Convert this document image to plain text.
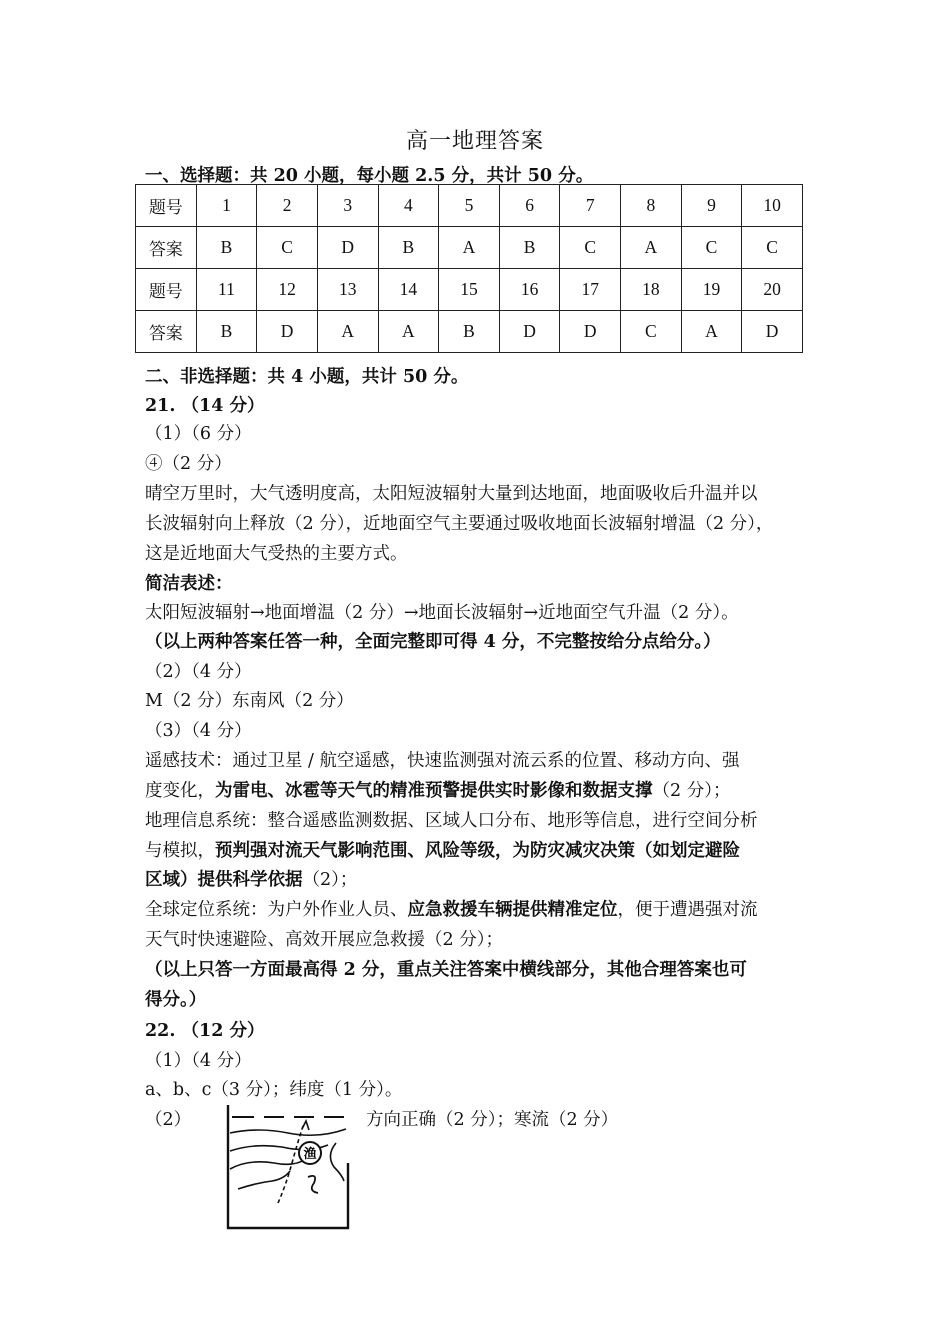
高一地理答案
一、选择题：共 20 小题，每小题 2.5 分，共计 50 分。
题号	1	2	3	4	5	6	7	8	9	10
答案	B	C	D	B	A	B	C	A	C	C
题号	11	12	13	14	15	16	17	18	19	20
答案	B	D	A	A	B	D	D	C	A	D
二、非选择题：共 4 小题，共计 50 分。
21. （14 分）
（1）（6 分）
④（2 分）
晴空万里时，大气透明度高，太阳短波辐射大量到达地面，地面吸收后升温并以
长波辐射向上释放（2 分），近地面空气主要通过吸收地面长波辐射增温（2 分），
这是近地面大气受热的主要方式。
简洁表述：
太阳短波辐射→地面增温（2 分）→地面长波辐射→近地面空气升温（2 分）。
（以上两种答案任答一种，全面完整即可得 4 分，不完整按给分点给分。）
（2）（4 分）
M（2 分）东南风（2 分）
（3）（4 分）
遥感技术：通过卫星 / 航空遥感，快速监测强对流云系的位置、移动方向、强
度变化，为雷电、冰雹等天气的精准预警提供实时影像和数据支撑（2 分）；
地理信息系统：整合遥感监测数据、区域人口分布、地形等信息，进行空间分析
与模拟，预判强对流天气影响范围、风险等级，为防灾减灾决策（如划定避险
区域）提供科学依据（2）；
全球定位系统：为户外作业人员、应急救援车辆提供精准定位，便于遭遇强对流
天气时快速避险、高效开展应急救援（2 分）；
（以上只答一方面最高得 2 分，重点关注答案中横线部分，其他合理答案也可
得分。）
22. （12 分）
（1）（4 分）
a、b、c（3 分）；纬度（1 分）。
（2）	方向正确（2 分）；寒流（2 分）
渔
